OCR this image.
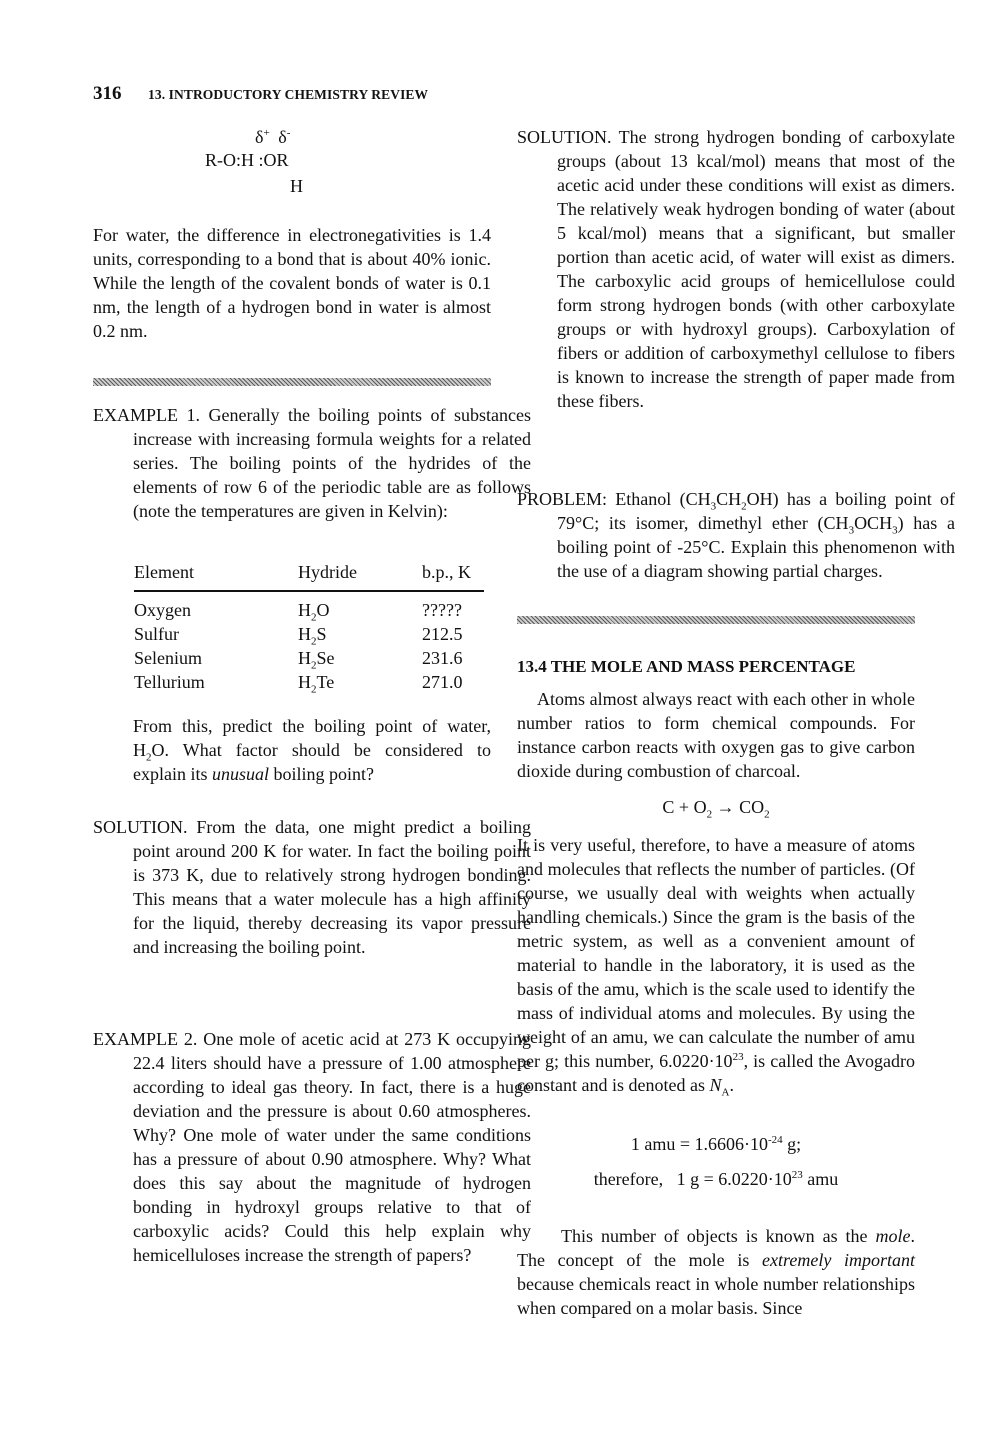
316 13. INTRODUCTORY CHEMISTRY REVIEW
δ+ δ-
R-O:H :OR
H

For water, the difference in electronegativities is 1.4 units, corresponding to a bond that is about 40% ionic. While the length of the covalent bonds of water is 0.1 nm, the length of a hydrogen bond in water is almost 0.2 nm.

EXAMPLE 1. Generally the boiling points of substances increase with increasing formula weights for a related series. The boiling points of the hydrides of the elements of row 6 of the periodic table are as follows (note the temperatures are given in Kelvin):

Element	Hydride	b.p., K

Oxygen	$H_2O$	?????
Sulfur	$H_2S$	212.5
Selenium	$H_2Se$	231.6
Tellurium	$H_2Te$	271.0

From this, predict the boiling point of water, $H_2O$. What factor should be considered to explain its unusual boiling point?

SOLUTION. From the data, one might predict a boiling point around 200 K for water. In fact the boiling point is 373 K, due to relatively strong hydrogen bonding. This means that a water molecule has a high affinity for the liquid, thereby decreasing its vapor pressure and increasing the boiling point.

EXAMPLE 2. One mole of acetic acid at 273 K occupying 22.4 liters should have a pressure of 1.00 atmosphere according to ideal gas theory. In fact, there is a huge deviation and the pressure is about 0.60 atmospheres. Why? One mole of water under the same conditions has a pressure of about 0.90 atmosphere. Why? What does this say about the magnitude of hydrogen bonding in hydroxyl groups relative to that of carboxylic acids? Could this help explain why hemicelluloses increase the strength of papers?

SOLUTION. The strong hydrogen bonding of carboxylate groups (about 13 kcal/mol) means that most of the acetic acid under these conditions will exist as dimers. The relatively weak hydrogen bonding of water (about 5 kcal/mol) means that a significant, but smaller portion than acetic acid, of water will exist as dimers. The carboxylic acid groups of hemicellulose could form strong hydrogen bonds (with other carboxylate groups or with hydroxyl groups). Carboxylation of fibers or addition of carboxymethyl cellulose to fibers is known to increase the strength of paper made from these fibers.

PROBLEM: Ethanol $(CH_3CH_2OH)$ has a boiling point of 79°C; its isomer, dimethyl ether $(CH_3OCH_3)$ has a boiling point of -25°C. Explain this phenomenon with the use of a diagram showing partial charges.

13.4 THE MOLE AND MASS PERCENTAGE

Atoms almost always react with each other in whole number ratios to form chemical compounds. For instance carbon reacts with oxygen gas to give carbon dioxide during combustion of charcoal.

$C + O_2 \to CO_2$

It is very useful, therefore, to have a measure of atoms and molecules that reflects the number of particles. (Of course, we usually deal with weights when actually handling chemicals.) Since the gram is the basis of the metric system, as well as a convenient amount of material to handle in the laboratory, it is used as the basis of the amu, which is the scale used to identify the mass of individual atoms and molecules. By using the weight of an amu, we can calculate the number of amu per g; this number, $6.0220\cdot 10^{23}$, is called the Avogadro constant and is denoted as $N_A$.

1 amu = $1.6606\cdot 10^{-24}$ g;
therefore,   1 $g = 6.0220\cdot 10^{23}$ amu

This number of objects is known as the mole. The concept of the mole is extremely important because chemicals react in whole number relationships when compared on a molar basis. Since
